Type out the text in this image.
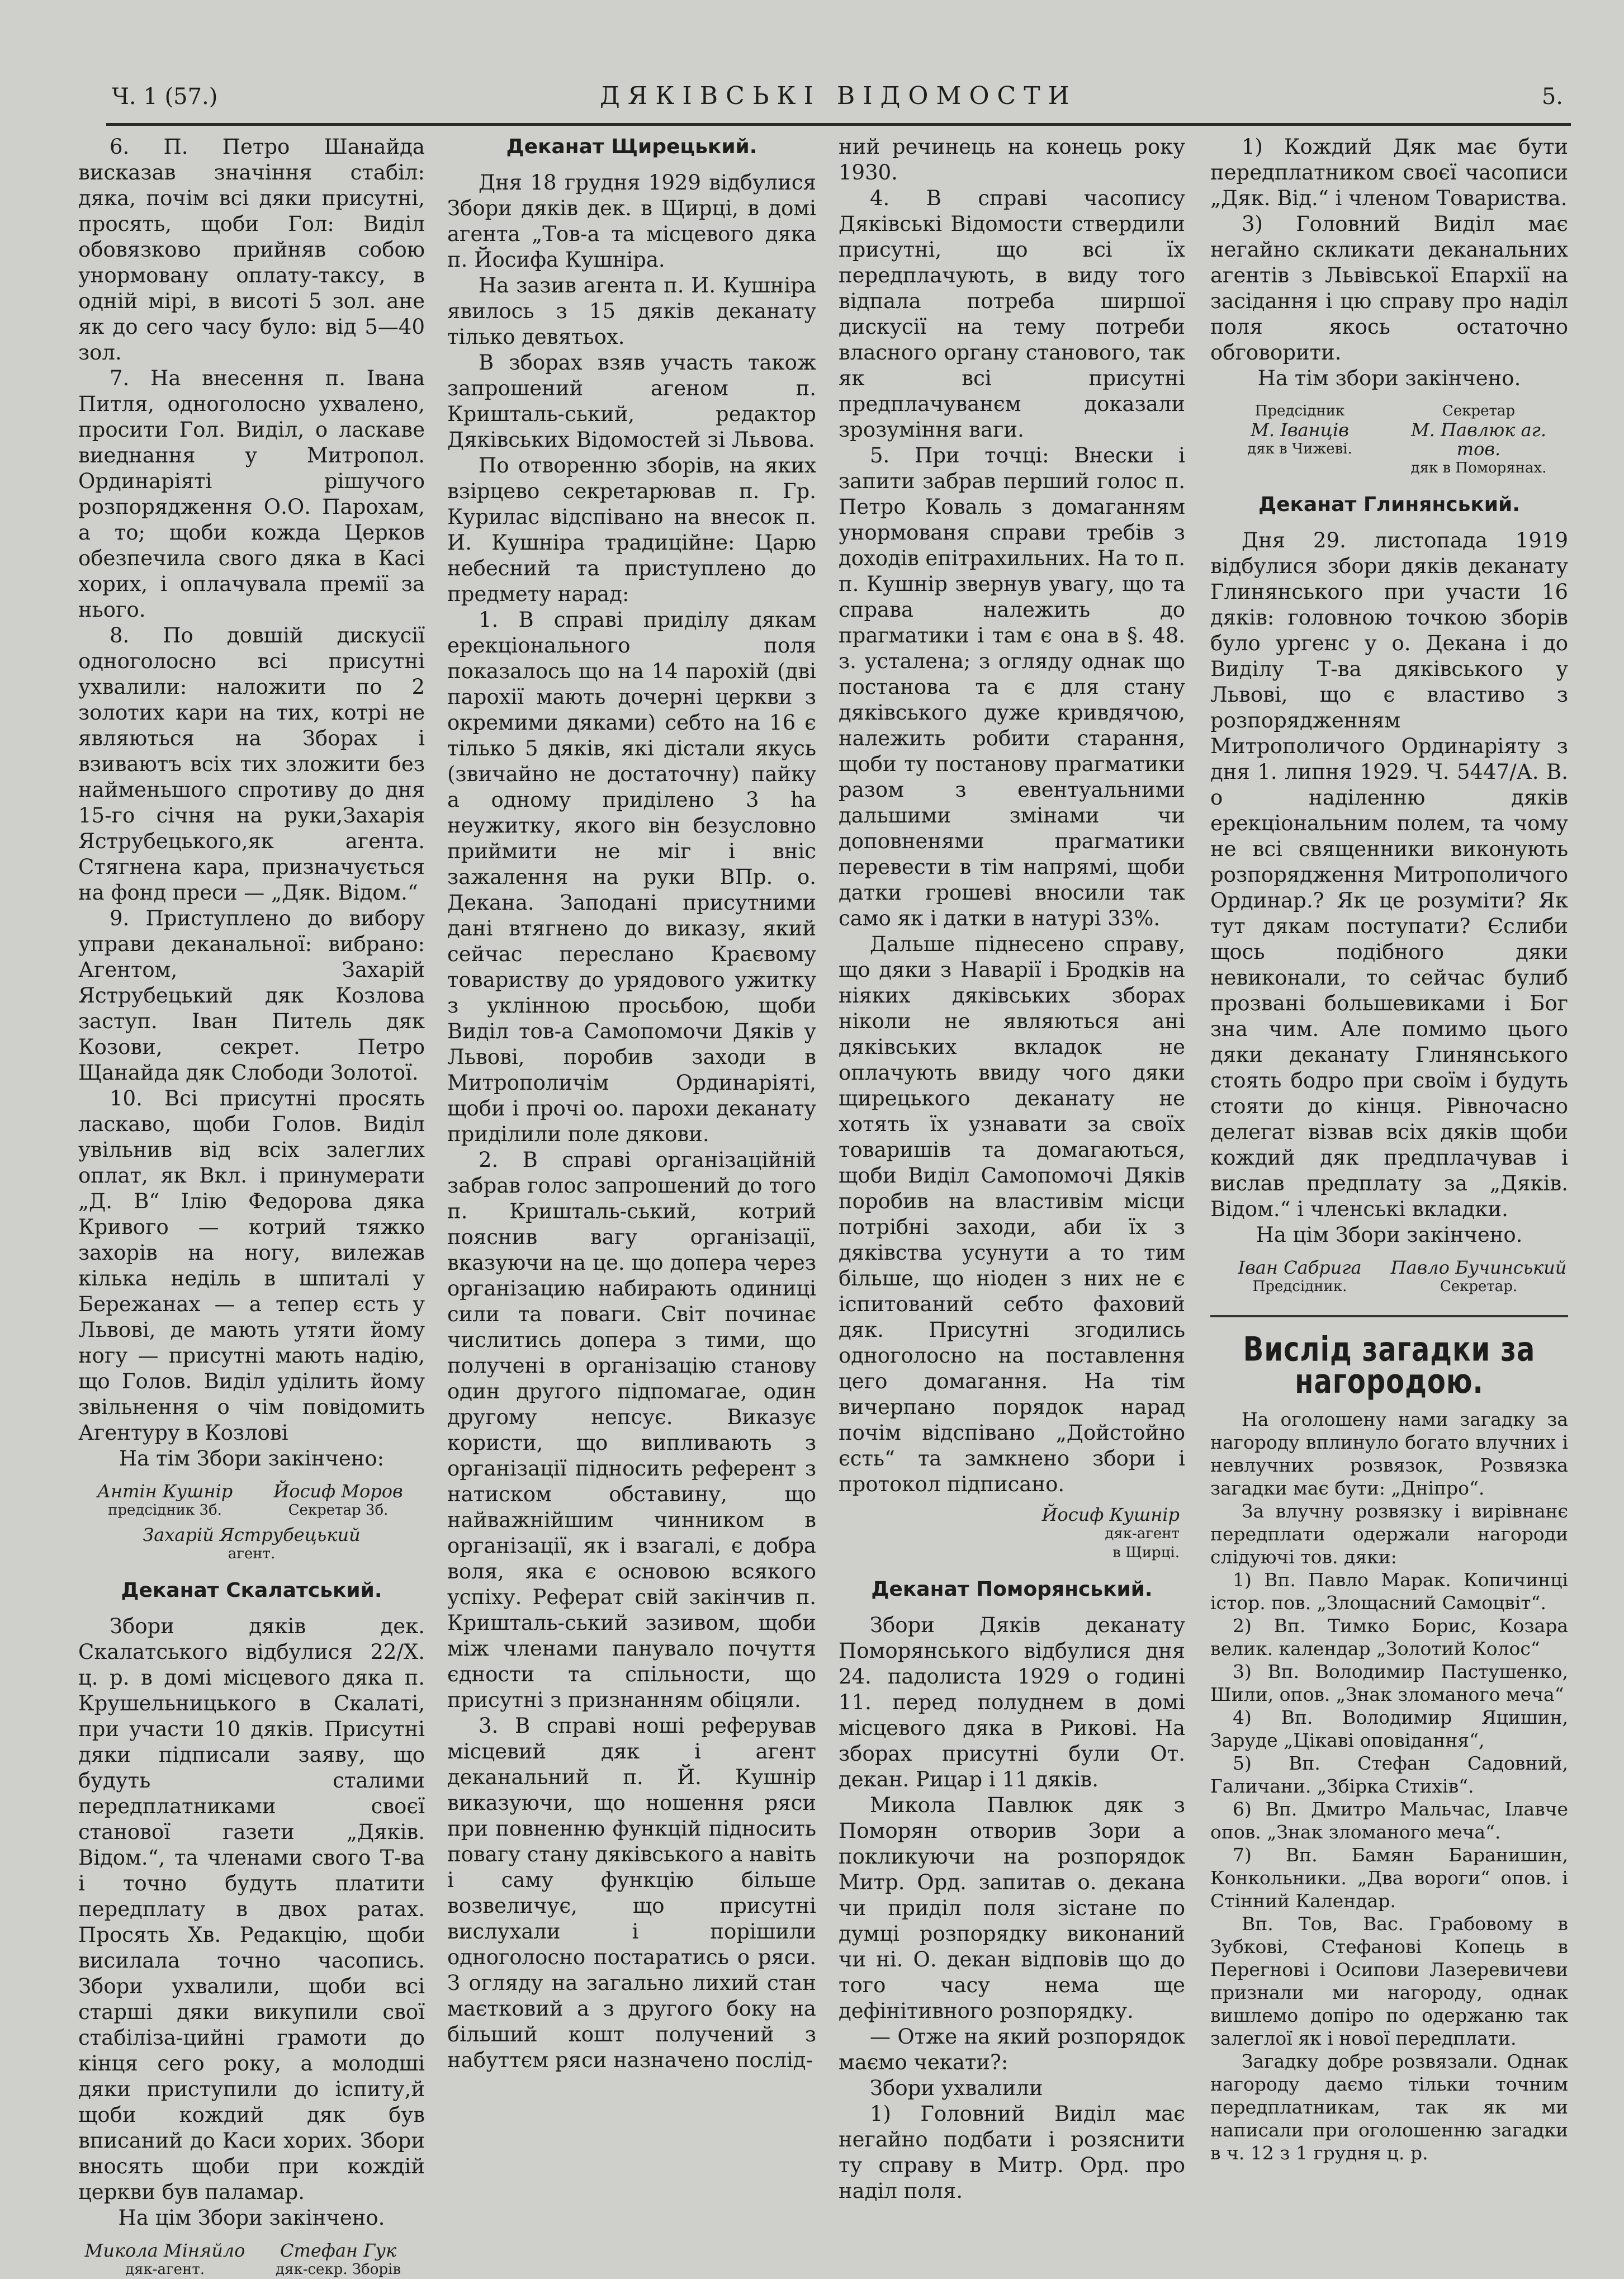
Ч. 1 (57.)	ДЯКІВСЬКІ ВІДОМОСТИ	5.

6. П. Петро Шанайда висказав значіння стабіл: дяка, почім всі дяки присутні, просять, щоби Гол: Виділ обовязково прийняв собою унормовану оплату-таксу, в одній мірі, в висоті 5 зол. ане як до сего часу було: від 5—40 зол.

7. На внесення п. Івана Питля, одноголосно ухвалено, просити Гол. Виділ, о ласкаве виеднання у Митропол. Ординаріяті рішучого розпорядження О.О. Парохам, а то; щоби кожда Церков обезпечила свого дяка в Касі хорих, і оплачувала премії за нього.

8. По довшій дискусії одноголосно всі присутні ухвалили: наложити по 2 золотих кари на тих, котрі не являються на Зборах і взиваютъ всіх тих зложити без найменьшого спротиву до дня 15-го січня на руки,Захарія Яструбецького,як агента. Стягнена кара, призначується на фонд преси — „Дяк. Відом.“

9. Приступлено до вибору управи деканальної: вибрано: Агентом, Захарій Яструбецький дяк Козлова заступ. Іван Питель дяк Козови, секрет. Петро Щанайда дяк Слободи Золотої.

10. Всі присутні просять ласкаво, щоби Голов. Виділ увільнив від всіх залеглих оплат, як Вкл. і принумерати „Д. В“ Ілію Федорова дяка Кривого — котрий тяжко захорів на ногу, вилежав кілька неділь в шпиталі у Бережанах — а тепер єсть у Львові, де мають утяти йому ногу — присутні мають надію, що Голов. Виділ уділить йому звільнення о чім повідомить Агентуру в Козлові

На тім Збори закінчено:

Антін Кушнір
предсідник 3б.
Йосиф Моров
Секретар 3б.
Захарій Яструбецький
агент.
Деканат Скалатський.

Збори дяків дек. Скалатського відбулися 22/X. ц. р. в домі місцевого дяка п. Крушельницького в Скалаті, при участи 10 дяків. Присутні дяки підписали заяву, що будуть сталими передплатниками своєї станової газети „Дяків. Відом.“, та членами свого Т-ва і точно будуть платити передплату в двох ратах. Просять Хв. Редакцію, щоби висилала точно часопись. Збори ухвалили, щоби всі старші дяки викупили свої стабіліза-цийні грамоти до кінця сего року, а молодші дяки приступили до іспиту,й щоби кождий дяк був вписаний до Каси хорих. Збори вносять щоби при кождій церкви був паламар.

На цім Збори закінчено.

Микола Міняйло
дяк-агент.
Стефан Гук
дяк-секр. Зборів
Деканат Щирецький.

Дня 18 грудня 1929 відбулися Збори дяків дек. в Щирці, в домі агента „Тов-а та місцевого дяка п. Йосифа Кушніра.

На зазив агента п. И. Кушніра явилось з 15 дяків деканату тілько девятьох.

В зборах взяв участь також запрошений агеном п. Кришталь-ський, редактор Дяківських Відомостей зі Львова.

По отворенню зборів, на яких взірцево секретарював п. Гр. Курилас відспівано на внесок п. И. Кушніра традиційне: Царю небесний та приступлено до предмету нарад:

1. В справі приділу дякам ерекціонального поля показалось що на 14 парохій (дві парохії мають дочерні церкви з окремими дяками) себто на 16 є тілько 5 дяків, які дістали якусь (звичайно не достаточну) пайку а одному приділено 3 ha неужитку, якого він безусловно приймити не міг і вніс зажалення на руки ВПр. о. Декана. Заподані присутними дані втягнено до виказу, який сейчас переслано Краєвому товариству до урядового ужитку з уклінною просьбою, щоби Виділ тов-а Самопомочи Дяків у Львові, поробив заходи в Митрополичім Ординаріяті, щоби і прочі оо. пароxи деканату приділили поле дякови.

2. В справі організаційній забрав голос запрошений до того п. Кришталь-ський, котрий пояснив вагу організації, вказуючи на це. що допера через організацию набирають одиниці сили та поваги. Світ починає числитись допера з тими, що получені в організацію станову один другого підпомагае, один другому непсує. Виказує користи, що випливають з організації підносить референт з натиском обставину, що найважнійшим чинником в організації, як і взагалі, є добра воля, яка є основою всякого успіху. Реферат свій закінчив п. Кришталь-ський зазивом, щоби між членами панувало почуття єдности та спільности, що присутні з признанням обіцяли.

3. В справі ноші реферував місцевий дяк і агент деканальний п. Й. Кушнір виказуючи, що ношення ряси при повненню функцій підносить повагу стану дяківського а навіть і саму функцію більше возвеличує, що присутні вислухали і порішили одноголосно постаратись о ряси. З огляду на загально лихий стан маєтковий а з другого боку на більший кошт получений з набуттєм ряси назначено послід-

ний речинець на конець року 1930.

4. В справі часопису Дяківські Відомости ствердили присутні, що всі їх передплачують, в виду того відпала потреба ширшої дискусії на тему потреби власного органу станового, так як всі присутні предплачуванєм доказали зрозуміння ваги.

5. При точці: Внески і запити забрав перший голос п. Петро Коваль з домаганням унормованя справи требів з доходів епітрахильних. На то п. п. Кушнір звернув увагу, що та справа належить до прагматики і там є она в §. 48. з. усталена; з огляду однак що постанова та є для стану дяківського дуже кривдячою, належить робити старання, щоби ту постанову прагматики разом з евентуальними дальшими змінами чи доповненями прагматики перевести в тім напрямі, щоби датки грошеві вносили так само як і датки в натурі 33%.

Дальше піднесено справу, що дяки з Наварії і Бродків на ніяких дяківських зборах ніколи не являються ані дяківських вкладок не оплачують ввиду чого дяки щирецького деканату не хотять їх узнавати за своїх товаришів та домагаються, щоби Виділ Самопомочі Дяків поробив на властивім місци потрібні заходи, аби їх з дяківства усунути а то тим більше, що ніоден з них не є іспитований себто фаховий дяк. Присутні згодились одноголосно на поставлення цего домагання. На тім вичерпано порядок нарад почім відспівано „Дойстойно єсть“ та замкнено збори і протокол підписано.

Йосиф Кушнір
дяк-агент
в Щирці.
Деканат Поморянський.

Збори Дяків деканату Поморянського відбулися дня 24. падолиста 1929 о годині 11. перед полуднем в домі місцевого дяка в Рикові. На зборах присутні були От. декан. Рицар і 11 дяків.

Микола Павлюк дяк з Поморян отворив Зори а покликуючи на розпорядок Митр. Орд. запитав о. декана чи приділ поля зістане по думці розпорядку виконаний чи ні. О. декан відповів що до того часу нема ще дефінітивного розпорядку.

— Отже на який розпорядок маємо чекати?:

Збори ухвалили

1) Головний Виділ має негайно подбати і розяснити ту справу в Митр. Орд. про наділ поля.

1) Кождий Дяк має бути передплатником своєї часописи „Дяк. Від.“ і членом Товариства.

3) Головний Виділ має негайно скликати деканальних агентів з Львівської Епархії на засідання і цю справу про наділ поля якось остаточно обговорити.

На тім збори закінчено.

Предсідник
М. Іванців
дяк в Чижеві.
Секретар
М. Павлюк аг. тов.
дяк в Поморянах.
Деканат Глинянський.

Дня 29. листопада 1919 відбулися збори дяків деканату Глинянського при участи 16 дяків: головною точкою зборів було ургенс у о. Декана і до Виділу Т-ва дяківського у Львові, що є властиво з розпорядженням Митрополичого Ординаріяту з дня 1. липня 1929. Ч. 5447/А. В. о наділенню дяків ерекціональним полем, та чому не всі священники виконують розпорядження Митрополичого Ординар.? Як це розуміти? Як тут дякам поступати? Єслиби щось подібного дяки невиконали, то сейчас булиб прозвані большевиками і Бог зна чим. Але помимо цього дяки деканату Глинянського стоять бодро при своїм і будуть стояти до кінця. Рівночасно делегат візвав всіх дяків щоби кождий дяк предплачував і вислав предплату за „Дяків. Відом.“ і членські вкладки.

На цім Збори закінчено.

Іван Сабрига
Предсідник.
Павло Бучинський
Секретар.
Вислід загадки за нагородою.

На оголошену нами загадку за нагороду вплинуло богато влучних і невлучних розвязок, Розвязка загадки має бути: „Дніпро“.

За влучну розвязку і вирівнанє передплати одержали нагороди слідуючі тов. дяки:

1) Вп. Павло Марак. Копичинці істор. пов. „Злощасний Самоцвіт“.

2) Вп. Тимко Борис, Козара велик. календар „Золотий Колос“

3) Вп. Володимир Пастушенко, Шили, опов. „Знак зломаного меча“

4) Вп. Володимир Яцишин, Заруде „Цікаві оповідання“,

5) Вп. Стефан Садовний, Галичани. „Збірка Стихів“.

6) Вп. Дмитро Мальчас, Ілавче опов. „Знак зломаного меча“.

7) Вп. Бамян Баранишин, Конкольники. „Два вороги“ опов. і Стінний Календар.

Вп. Тов, Вас. Грабовому в Зубкові, Стефанові Копець в Перегнові і Осипови Лазеревичеви признали ми нагороду, однак вишлемо допіро по одержаню так залеглої як і нової передплати.

Загадку добре розвязали. Однак нагороду даємо тільки точним передплатникам, так як ми написали при оголошенню загадки в ч. 12 з 1 грудня ц. р.
